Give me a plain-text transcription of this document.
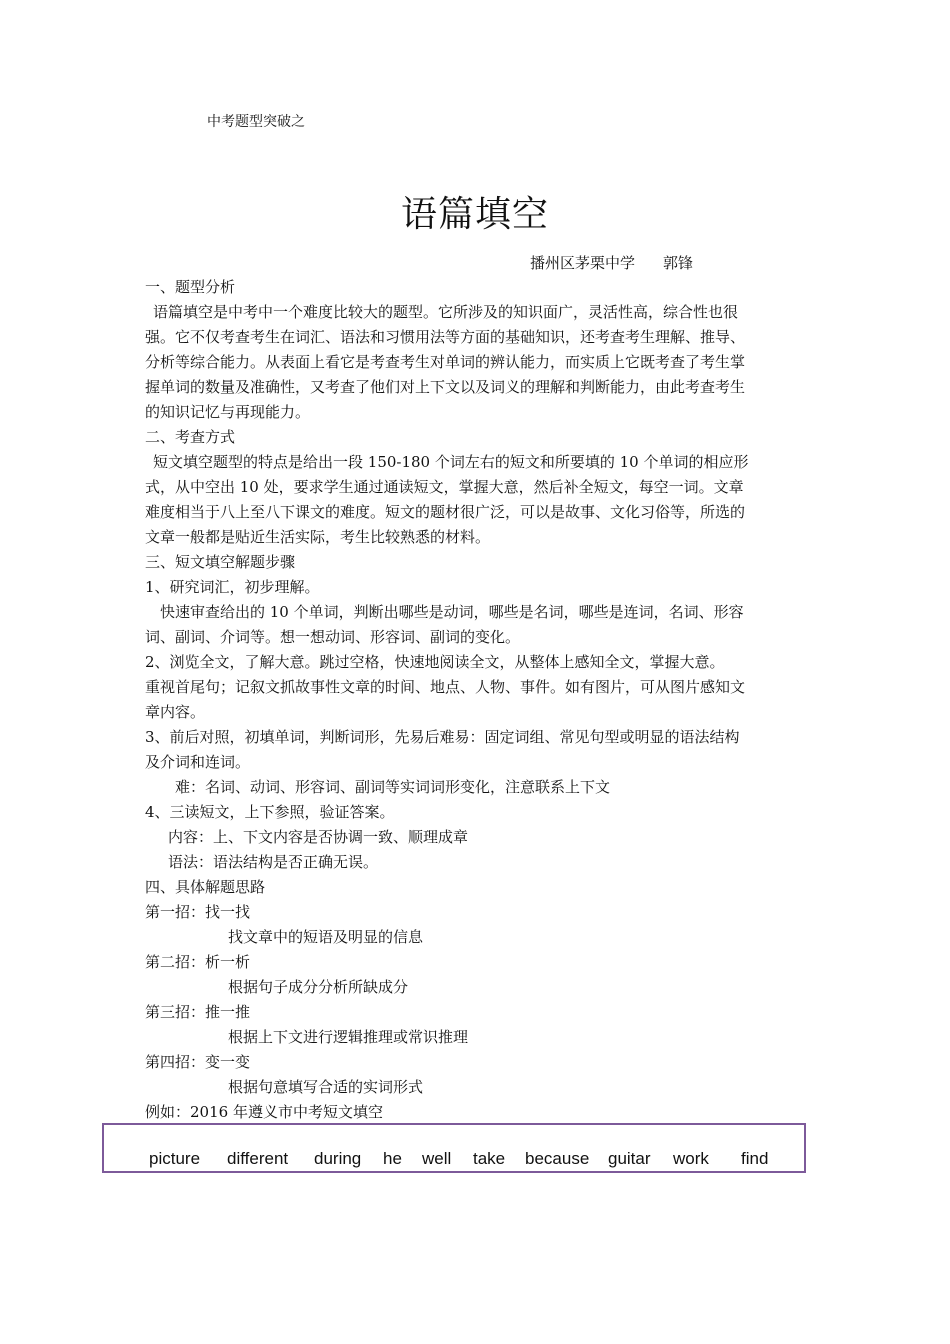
中考题型突破之
语篇填空
播州区茅栗中学 郭锋
一、题型分析
语篇填空是中考中一个难度比较大的题型。它所涉及的知识面广，灵活性高，综合性也很
强。它不仅考查考生在词汇、语法和习惯用法等方面的基础知识，还考查考生理解、推导、
分析等综合能力。从表面上看它是考查考生对单词的辨认能力，而实质上它既考查了考生掌
握单词的数量及准确性，又考查了他们对上下文以及词义的理解和判断能力，由此考查考生
的知识记忆与再现能力。
二、考查方式
短文填空题型的特点是给出一段 150-180 个词左右的短文和所要填的 10 个单词的相应形
式，从中空出 10 处，要求学生通过通读短文，掌握大意，然后补全短文，每空一词。文章
难度相当于八上至八下课文的难度。短文的题材很广泛，可以是故事、文化习俗等，所选的
文章一般都是贴近生活实际，考生比较熟悉的材料。
三、短文填空解题步骤
1、研究词汇，初步理解。
快速审查给出的 10 个单词，判断出哪些是动词，哪些是名词，哪些是连词，名词、形容
词、副词、介词等。想一想动词、形容词、副词的变化。
2、浏览全文，了解大意。跳过空格，快速地阅读全文，从整体上感知全文，掌握大意。
重视首尾句；记叙文抓故事性文章的时间、地点、人物、事件。如有图片，可从图片感知文
章内容。
3、前后对照，初填单词，判断词形，先易后难易：固定词组、常见句型或明显的语法结构
及介词和连词。
难：名词、动词、形容词、副词等实词词形变化，注意联系上下文
4、三读短文，上下参照，验证答案。
内容：上、下文内容是否协调一致、顺理成章
语法：语法结构是否正确无误。
四、具体解题思路
第一招：找一找
找文章中的短语及明显的信息
第二招：析一析
根据句子成分分析所缺成分
第三招：推一推
根据上下文进行逻辑推理或常识推理
第四招：变一变
根据句意填写合适的实词形式
例如：2016 年遵义市中考短文填空
picture different during he well take because guitar work find
